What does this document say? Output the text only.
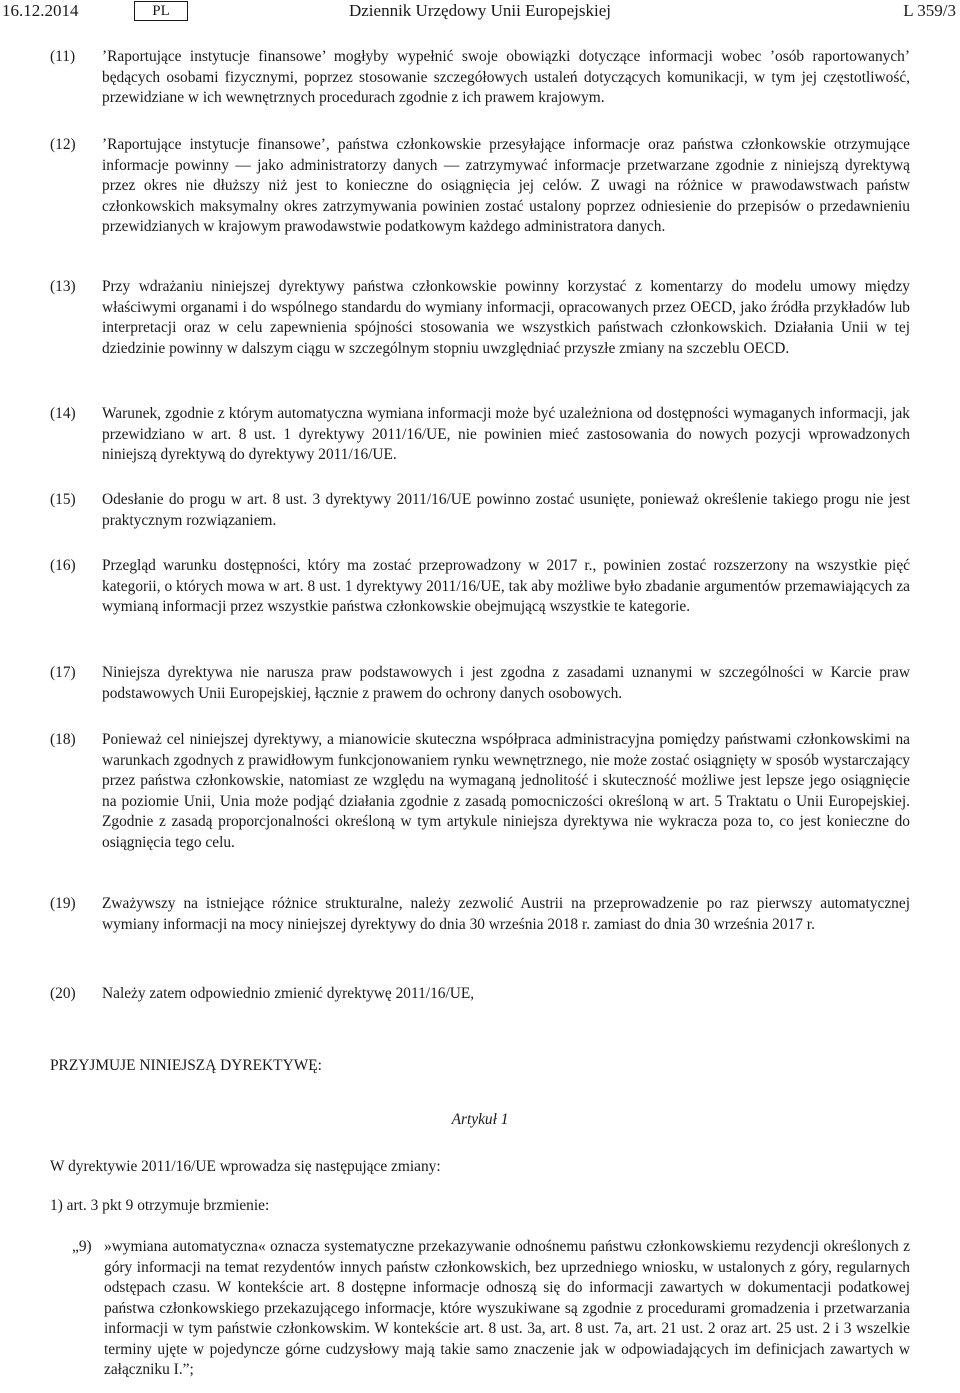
16.12.2014	PL	Dziennik Urzędowy Unii Europejskiej	L 359/3
(11) ’Raportujące instytucje finansowe’ mogłyby wypełnić swoje obowiązki dotyczące informacji wobec ’osób raportowanych’ będących osobami fizycznymi, poprzez stosowanie szczegółowych ustaleń dotyczących komunikacji, w tym jej częstotliwość, przewidziane w ich wewnętrznych procedurach zgodnie z ich prawem krajowym.
(12) ’Raportujące instytucje finansowe’, państwa członkowskie przesyłające informacje oraz państwa członkowskie otrzymujące informacje powinny — jako administratorzy danych — zatrzymywać informacje przetwarzane zgodnie z niniejszą dyrektywą przez okres nie dłuższy niż jest to konieczne do osiągnięcia jej celów. Z uwagi na różnice w prawodawstwach państw członkowskich maksymalny okres zatrzymywania powinien zostać ustalony poprzez odniesienie do przepisów o przedawnieniu przewidzianych w krajowym prawodawstwie podatkowym każdego administratora danych.
(13) Przy wdrażaniu niniejszej dyrektywy państwa członkowskie powinny korzystać z komentarzy do modelu umowy między właściwymi organami i do wspólnego standardu do wymiany informacji, opracowanych przez OECD, jako źródła przykładów lub interpretacji oraz w celu zapewnienia spójności stosowania we wszystkich państwach członkowskich. Działania Unii w tej dziedzinie powinny w dalszym ciągu w szczególnym stopniu uwzględniać przyszłe zmiany na szczeblu OECD.
(14) Warunek, zgodnie z którym automatyczna wymiana informacji może być uzależniona od dostępności wymaganych informacji, jak przewidziano w art. 8 ust. 1 dyrektywy 2011/16/UE, nie powinien mieć zastosowania do nowych pozycji wprowadzonych niniejszą dyrektywą do dyrektywy 2011/16/UE.
(15) Odesłanie do progu w art. 8 ust. 3 dyrektywy 2011/16/UE powinno zostać usunięte, ponieważ określenie takiego progu nie jest praktycznym rozwiązaniem.
(16) Przegląd warunku dostępności, który ma zostać przeprowadzony w 2017 r., powinien zostać rozszerzony na wszystkie pięć kategorii, o których mowa w art. 8 ust. 1 dyrektywy 2011/16/UE, tak aby możliwe było zbadanie argumentów przemawiających za wymianą informacji przez wszystkie państwa członkowskie obejmującą wszystkie te kategorie.
(17) Niniejsza dyrektywa nie narusza praw podstawowych i jest zgodna z zasadami uznanymi w szczególności w Karcie praw podstawowych Unii Europejskiej, łącznie z prawem do ochrony danych osobowych.
(18) Ponieważ cel niniejszej dyrektywy, a mianowicie skuteczna współpraca administracyjna pomiędzy państwami członkowskimi na warunkach zgodnych z prawidłowym funkcjonowaniem rynku wewnętrznego, nie może zostać osiągnięty w sposób wystarczający przez państwa członkowskie, natomiast ze względu na wymaganą jednolitość i skuteczność możliwe jest lepsze jego osiągnięcie na poziomie Unii, Unia może podjąć działania zgodnie z zasadą pomocniczości określoną w art. 5 Traktatu o Unii Europejskiej. Zgodnie z zasadą proporcjonalności określoną w tym artykule niniejsza dyrektywa nie wykracza poza to, co jest konieczne do osiągnięcia tego celu.
(19) Zważywszy na istniejące różnice strukturalne, należy zezwolić Austrii na przeprowadzenie po raz pierwszy automatycznej wymiany informacji na mocy niniejszej dyrektywy do dnia 30 września 2018 r. zamiast do dnia 30 września 2017 r.
(20) Należy zatem odpowiednio zmienić dyrektywę 2011/16/UE,
PRZYJMUJE NINIEJSZĄ DYREKTYWĘ:
Artykuł 1
W dyrektywie 2011/16/UE wprowadza się następujące zmiany:
1) art. 3 pkt 9 otrzymuje brzmienie:
„9) »wymiana automatyczna« oznacza systematyczne przekazywanie odnośnemu państwu członkowskiemu rezydencji określonych z góry informacji na temat rezydentów innych państw członkowskich, bez uprzedniego wniosku, w ustalonych z góry, regularnych odstępach czasu. W kontekście art. 8 dostępne informacje odnoszą się do informacji zawartych w dokumentacji podatkowej państwa członkowskiego przekazującego informacje, które wyszukiwane są zgodnie z procedurami gromadzenia i przetwarzania informacji w tym państwie członkowskim. W kontekście art. 8 ust. 3a, art. 8 ust. 7a, art. 21 ust. 2 oraz art. 25 ust. 2 i 3 wszelkie terminy ujęte w pojedyncze górne cudzysłowy mają takie samo znaczenie jak w odpowiadających im definicjach zawartych w załączniku I.”;
